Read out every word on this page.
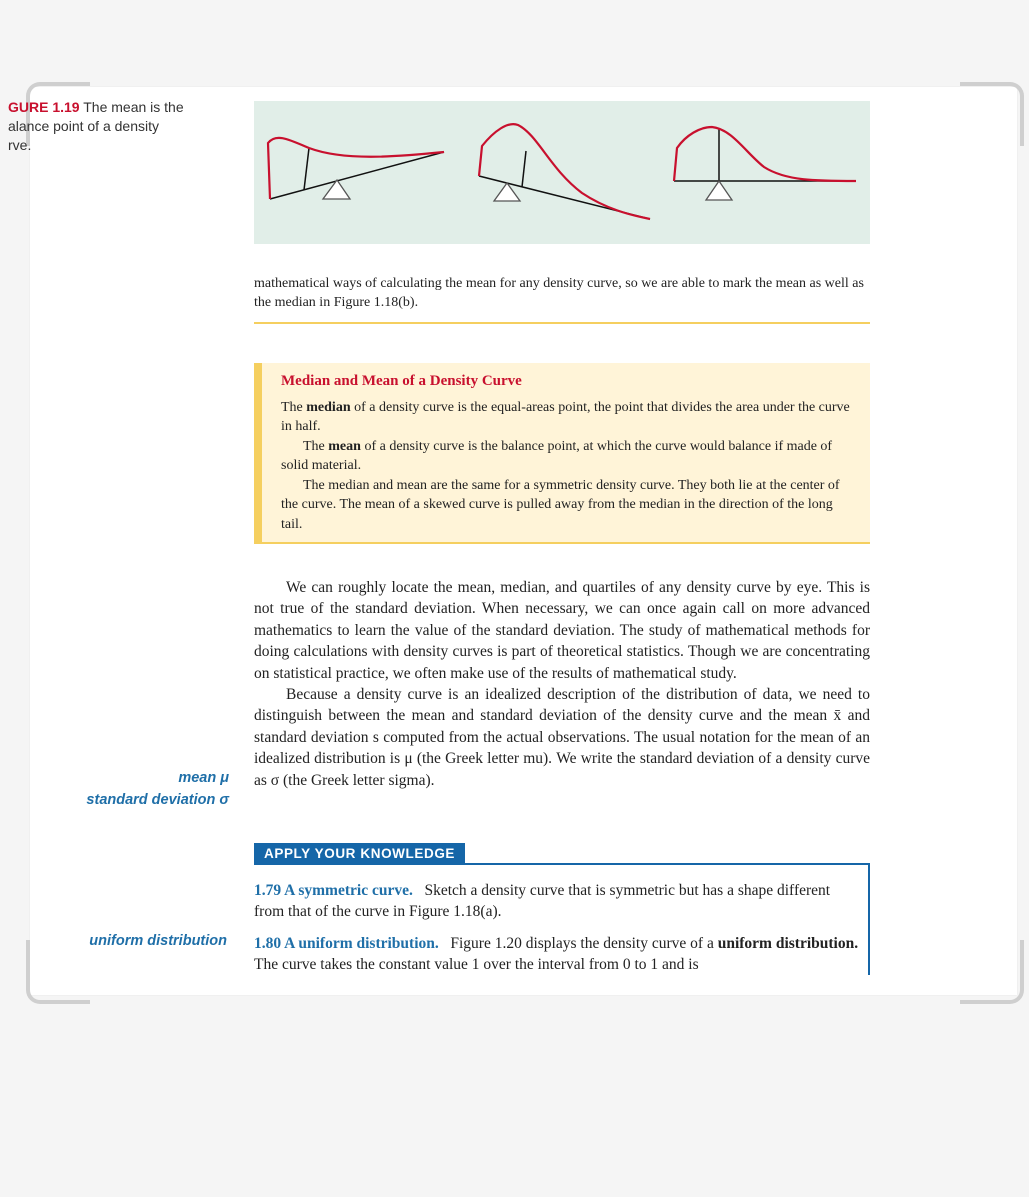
GURE 1.19 The mean is the
alance point of a density
rve.
mathematical ways of calculating the mean for any density curve, so we are able to mark the mean as well as the median in Figure 1.18(b).
Median and Mean of a Density Curve

The median of a density curve is the equal-areas point, the point that divides the area under the curve in half.

The mean of a density curve is the balance point, at which the curve would balance if made of solid material.

The median and mean are the same for a symmetric density curve. They both lie at the center of the curve. The mean of a skewed curve is pulled away from the median in the direction of the long tail.

We can roughly locate the mean, median, and quartiles of any density curve by eye. This is not true of the standard deviation. When necessary, we can once again call on more advanced mathematics to learn the value of the standard deviation. The study of mathematical methods for doing calculations with density curves is part of theoretical statistics. Though we are concentrating on statistical practice, we often make use of the results of mathematical study.

Because a density curve is an idealized description of the distribution of data, we need to distinguish between the mean and standard deviation of the density curve and the mean x̄ and standard deviation s computed from the actual observations. The usual notation for the mean of an idealized distribution is μ (the Greek letter mu). We write the standard deviation of a density curve as σ (the Greek letter sigma).

mean μ
standard deviation σ
APPLY YOUR KNOWLEDGE
1.79 A symmetric curve. Sketch a density curve that is symmetric but has a shape different from that of the curve in Figure 1.18(a).
uniform distribution 1.80 A uniform distribution. Figure 1.20 displays the density curve of a uniform distribution. The curve takes the constant value 1 over the interval from 0 to 1 and is
